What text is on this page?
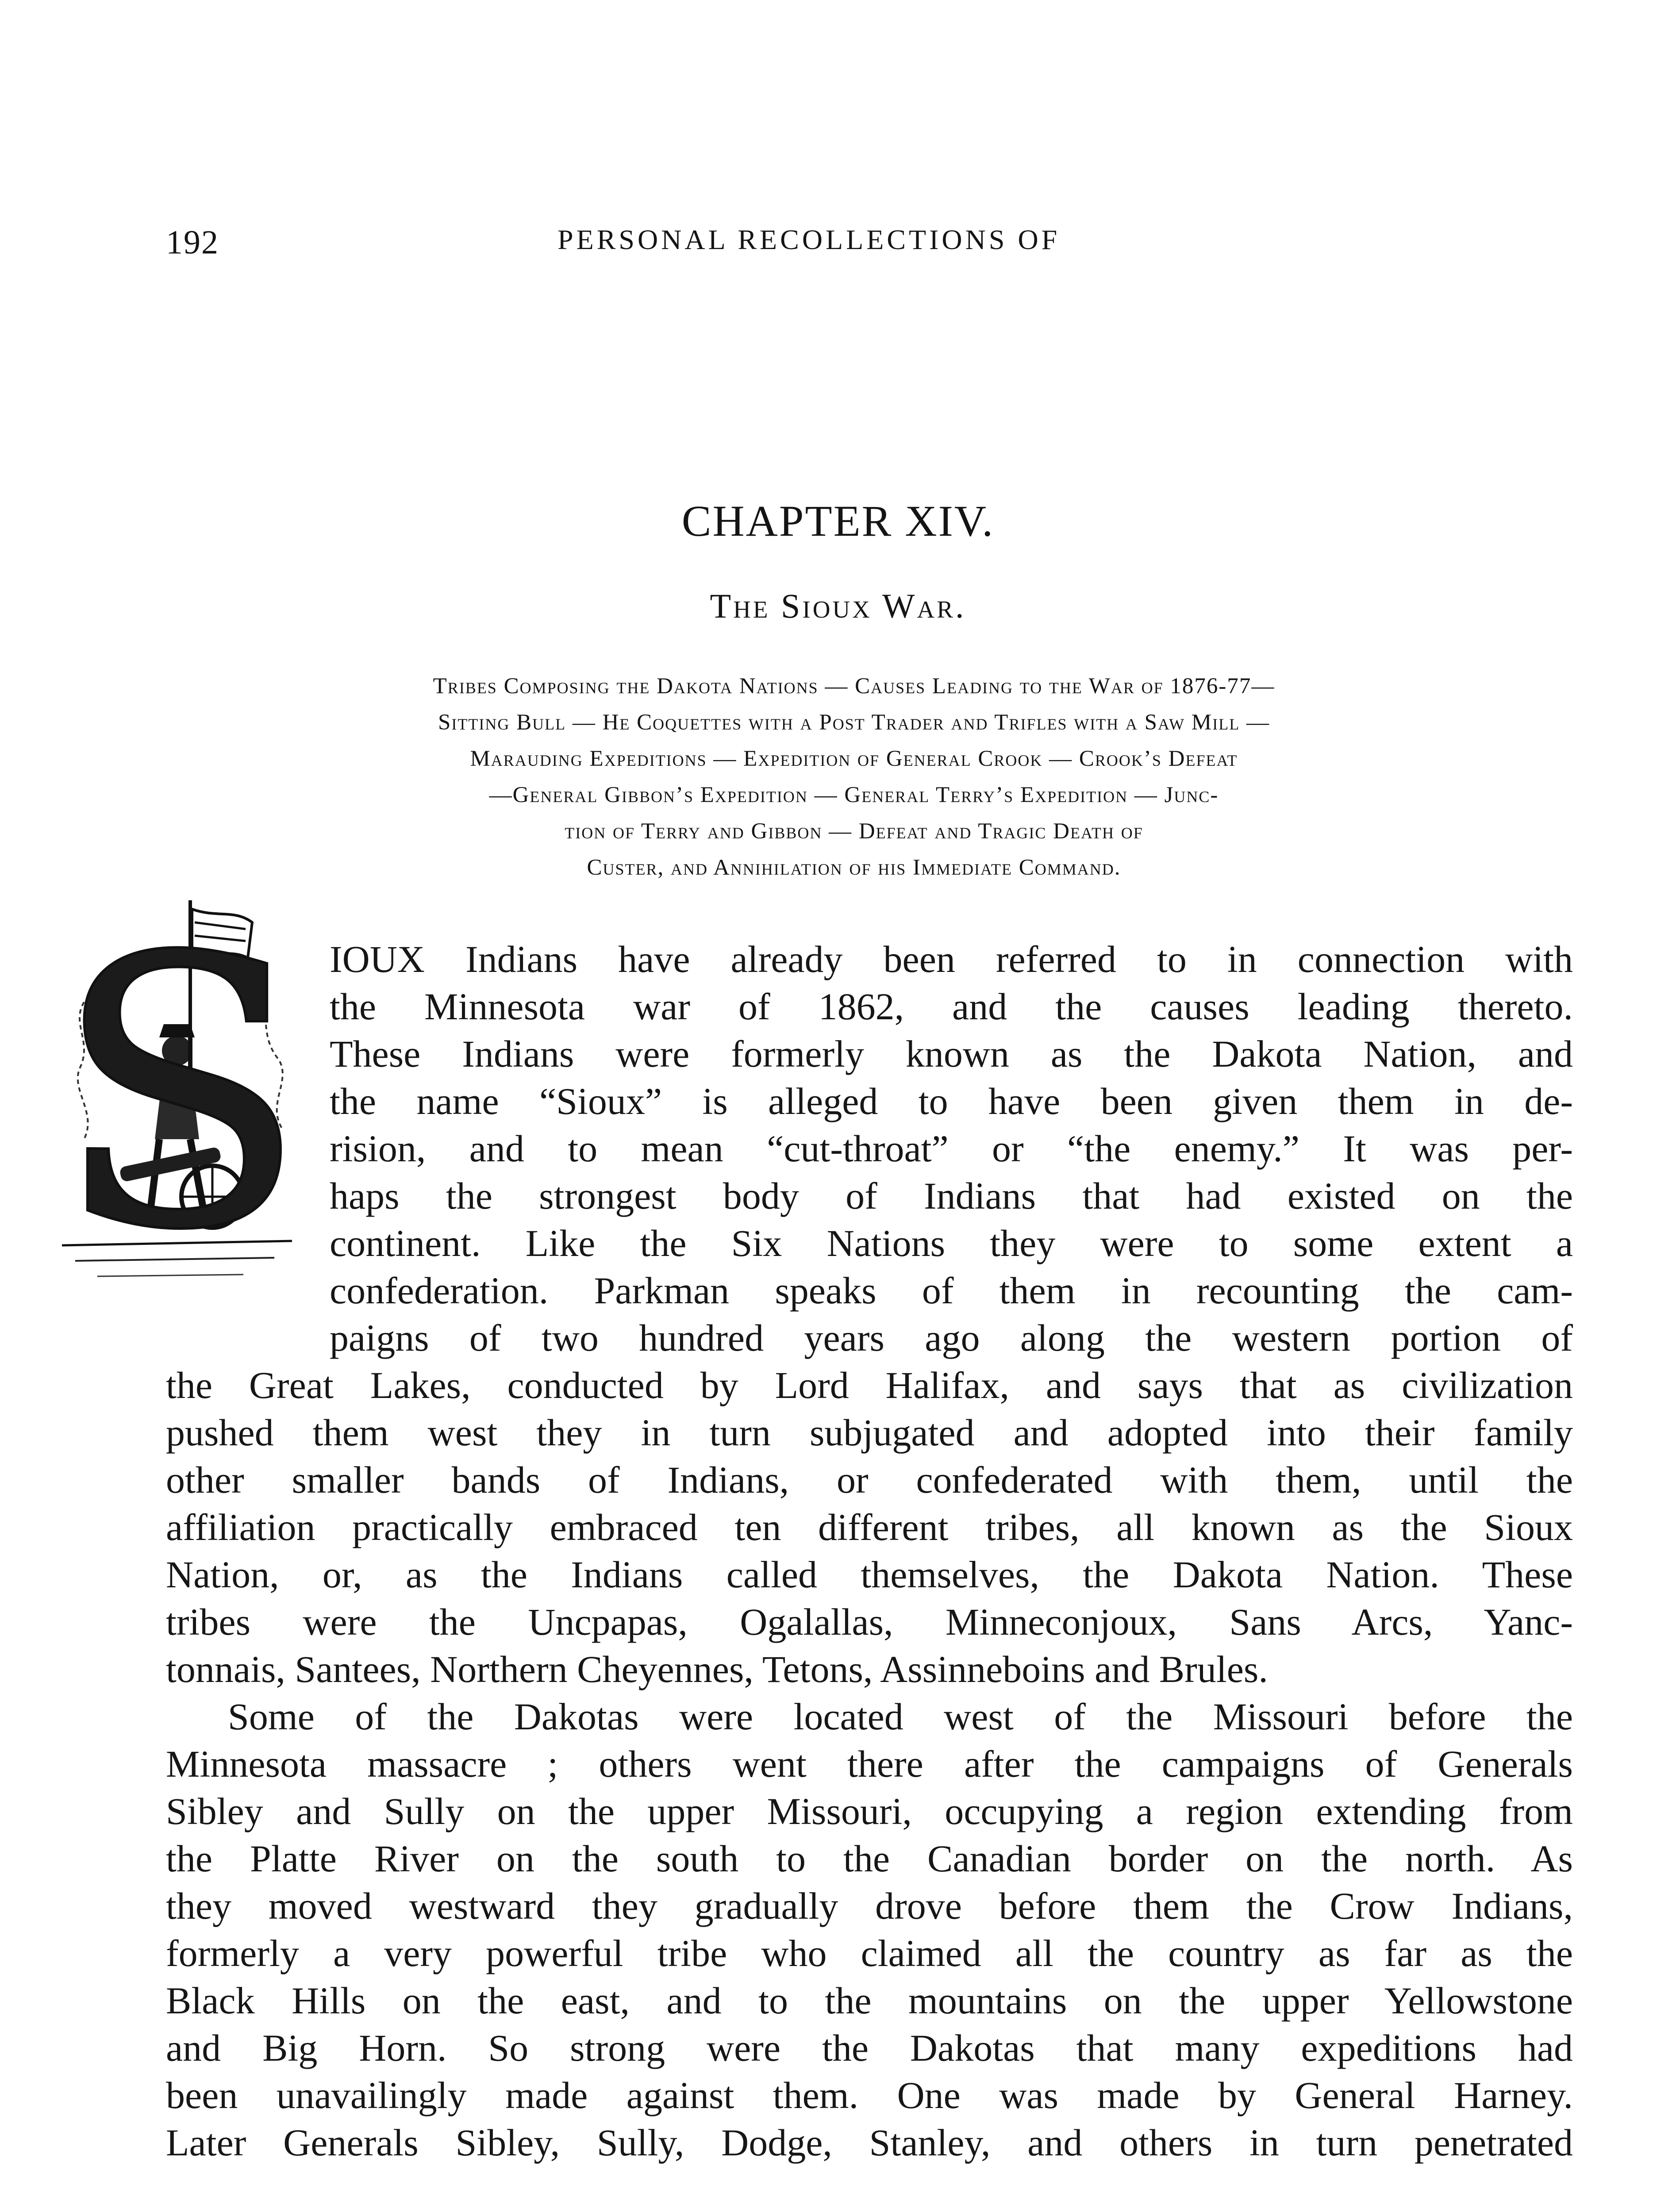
192	PERSONAL RECOLLECTIONS OF
CHAPTER XIV.
The Sioux War.
Tribes Composing the Dakota Nations — Causes Leading to the War of 1876-77—
Sitting Bull — He Coquettes with a Post Trader and Trifles with a Saw Mill —
Marauding Expeditions — Expedition of General Crook — Crook’s Defeat
—General Gibbon’s Expedition — General Terry’s Expedition — Junc-
tion of Terry and Gibbon — Defeat and Tragic Death of
Custer, and Annihilation of his Immediate Command.
S IOUX Indians have already been referred to in connection with
the Minnesota war of 1862, and the causes leading thereto.
These Indians were formerly known as the Dakota Nation, and
the name “Sioux” is alleged to have been given them in de-
rision, and to mean “cut-throat” or “the enemy.” It was per-
haps the strongest body of Indians that had existed on the
continent. Like the Six Nations they were to some extent a
confederation. Parkman speaks of them in recounting the cam-
paigns of two hundred years ago along the western portion of
the Great Lakes, conducted by Lord Halifax, and says that as civilization
pushed them west they in turn subjugated and adopted into their family
other smaller bands of Indians, or confederated with them, until the
affiliation practically embraced ten different tribes, all known as the Sioux
Nation, or, as the Indians called themselves, the Dakota Nation. These
tribes were the Uncpapas, Ogalallas, Minneconjoux, Sans Arcs, Yanc-
tonnais, Santees, Northern Cheyennes, Tetons, Assinneboins and Brules.
Some of the Dakotas were located west of the Missouri before the
Minnesota massacre ; others went there after the campaigns of Generals
Sibley and Sully on the upper Missouri, occupying a region extending from
the Platte River on the south to the Canadian border on the north. As
they moved westward they gradually drove before them the Crow Indians,
formerly a very powerful tribe who claimed all the country as far as the
Black Hills on the east, and to the mountains on the upper Yellowstone
and Big Horn. So strong were the Dakotas that many expeditions had
been unavailingly made against them. One was made by General Harney.
Later Generals Sibley, Sully, Dodge, Stanley, and others in turn penetrated
